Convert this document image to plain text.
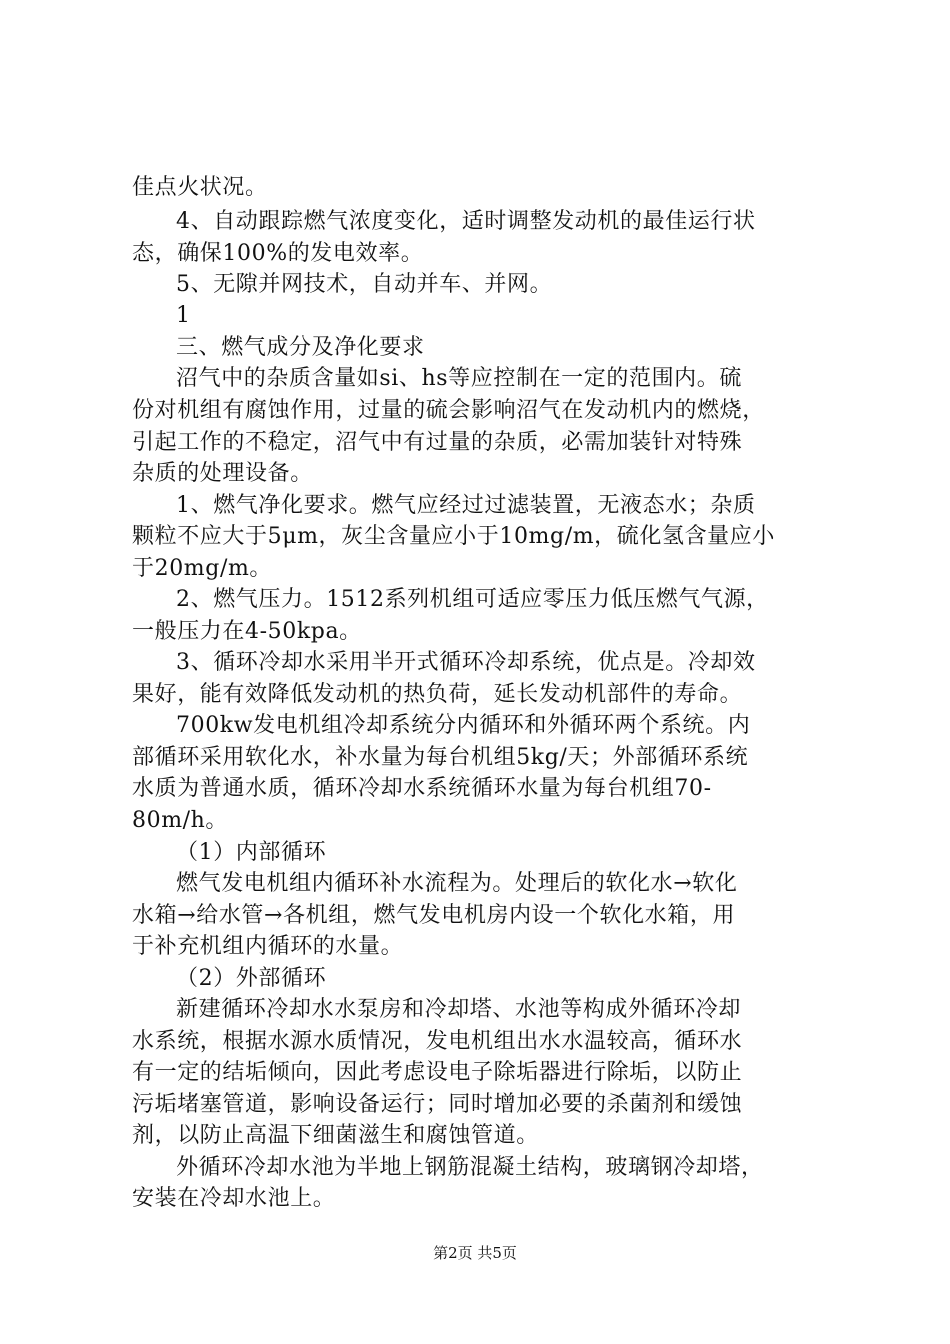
佳点火状况。
4、自动跟踪燃气浓度变化，适时调整发动机的最佳运行状
态，确保100%的发电效率。
5、无隙并网技术，自动并车、并网。
1
三、燃气成分及净化要求
沼气中的杂质含量如si、hs等应控制在一定的范围内。硫
份对机组有腐蚀作用，过量的硫会影响沼气在发动机内的燃烧，
引起工作的不稳定，沼气中有过量的杂质，必需加装针对特殊
杂质的处理设备。
1、燃气净化要求。燃气应经过过滤装置，无液态水；杂质
颗粒不应大于5μm，灰尘含量应小于10mg/m，硫化氢含量应小
于20mg/m。
2、燃气压力。1512系列机组可适应零压力低压燃气气源，
一般压力在4-50kpa。
3、循环冷却水采用半开式循环冷却系统，优点是。冷却效
果好，能有效降低发动机的热负荷，延长发动机部件的寿命。
700kw发电机组冷却系统分内循环和外循环两个系统。内
部循环采用软化水，补水量为每台机组5kg/天；外部循环系统
水质为普通水质，循环冷却水系统循环水量为每台机组70-
80m/h。
（1）内部循环
燃气发电机组内循环补水流程为。处理后的软化水→软化
水箱→给水管→各机组，燃气发电机房内设一个软化水箱，用
于补充机组内循环的水量。
（2）外部循环
新建循环冷却水水泵房和冷却塔、水池等构成外循环冷却
水系统，根据水源水质情况，发电机组出水水温较高，循环水
有一定的结垢倾向，因此考虑设电子除垢器进行除垢，以防止
污垢堵塞管道，影响设备运行；同时增加必要的杀菌剂和缓蚀
剂，以防止高温下细菌滋生和腐蚀管道。
外循环冷却水池为半地上钢筋混凝土结构，玻璃钢冷却塔，
安装在冷却水池上。
第2页 共5页
